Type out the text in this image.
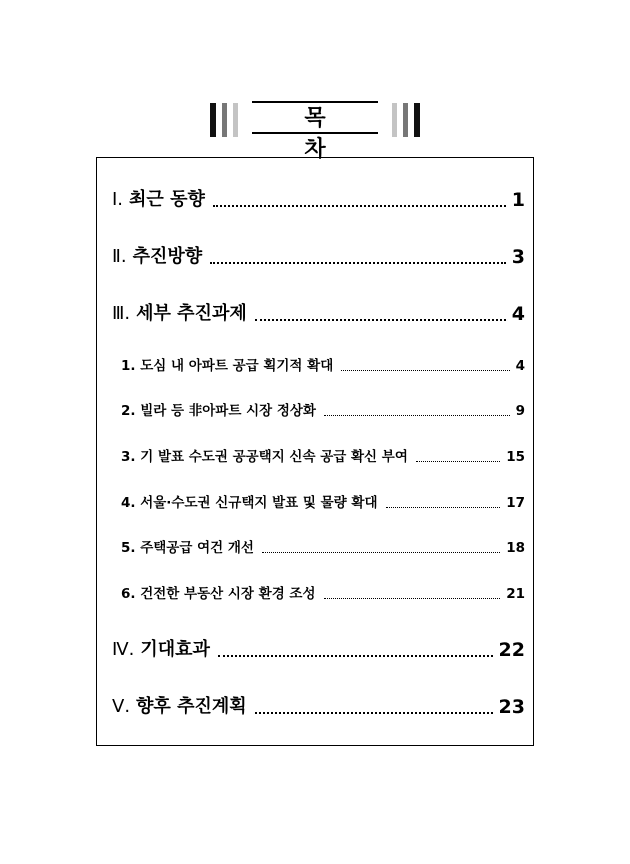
목 차
Ⅰ. 최근 동향	1
Ⅱ. 추진방향	3
Ⅲ. 세부 추진과제	4
1. 도심 내 아파트 공급 획기적 확대	4
2. 빌라 등 非아파트 시장 정상화	9
3. 기 발표 수도권 공공택지 신속 공급 확신 부여	15
4. 서울·수도권 신규택지 발표 및 물량 확대	17
5. 주택공급 여건 개선	18
6. 건전한 부동산 시장 환경 조성	21
Ⅳ. 기대효과	22
Ⅴ. 향후 추진계획	23
